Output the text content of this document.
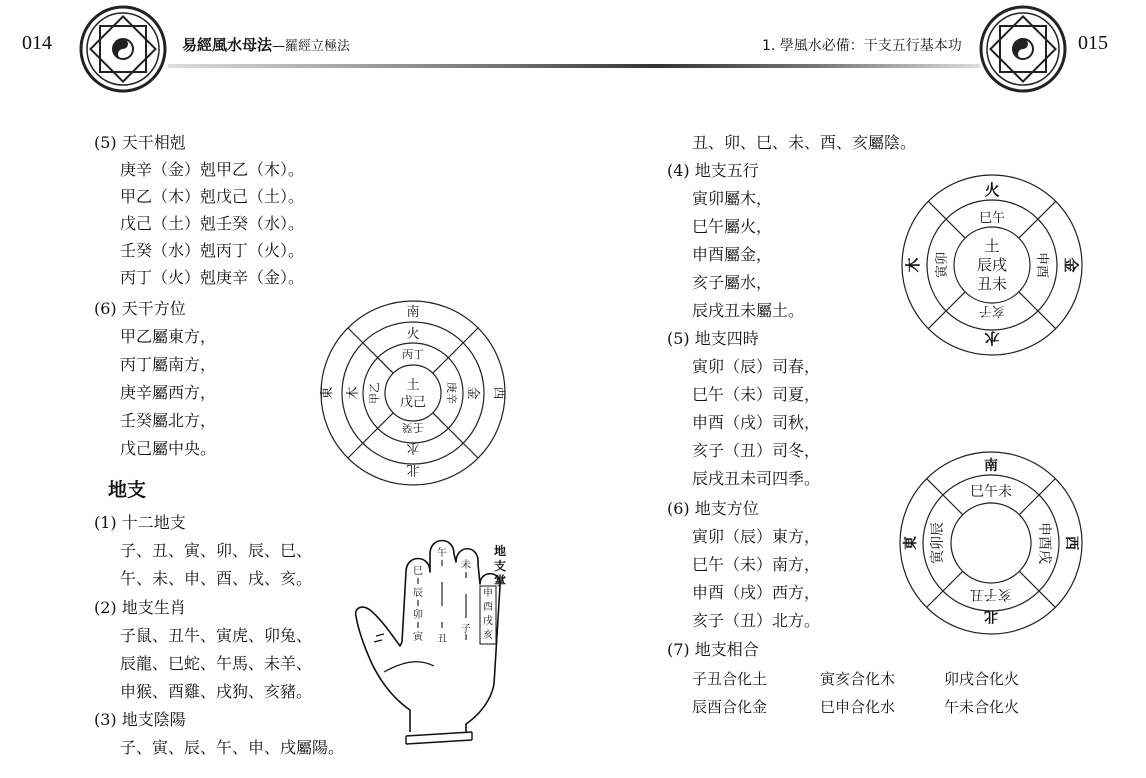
014	易經風水母法—羅經立極法	1. 學風水必備：干支五行基本功	015
(5) 天干相剋
庚辛（金）剋甲乙（木）。
甲乙（木）剋戊己（土）。
戊己（土）剋壬癸（水）。
壬癸（水）剋丙丁（火）。
丙丁（火）剋庚辛（金）。
(6) 天干方位
甲乙屬東方，
丙丁屬南方，
庚辛屬西方，
壬癸屬北方，
戊己屬中央。
地支
(1) 十二地支
子、丑、寅、卯、辰、巳、
午、未、申、酉、戌、亥。
(2) 地支生肖
子鼠、丑牛、寅虎、卯兔、
辰龍、巳蛇、午馬、未羊、
申猴、酉雞、戌狗、亥豬。
(3) 地支陰陽
子、寅、辰、午、申、戌屬陽。
南
西
北
東
火
金
水
木
丙丁
庚辛
壬癸
甲乙 土
戊己
巳
辰
卯
寅
午
丑
未
子
申
酉
戌
亥
地支掌
丑、卯、巳、未、酉、亥屬陰。
(4) 地支五行
寅卯屬木，
巳午屬火，
申酉屬金，
亥子屬水，
辰戌丑未屬土。
(5) 地支四時
寅卯（辰）司春，
巳午（未）司夏，
申酉（戌）司秋，
亥子（丑）司冬，
辰戌丑未司四季。
(6) 地支方位
寅卯（辰）東方，
巳午（未）南方，
申酉（戌）西方，
亥子（丑）北方。
(7) 地支相合
子丑合化土	寅亥合化木	卯戌合化火
辰酉合化金	巳申合化水	午未合化火
火
金
水
木
巳午
申酉
亥子
寅卯
土
辰戌
丑未
南
西
北
東
巳午未
申酉戌
亥子丑
寅卯辰
